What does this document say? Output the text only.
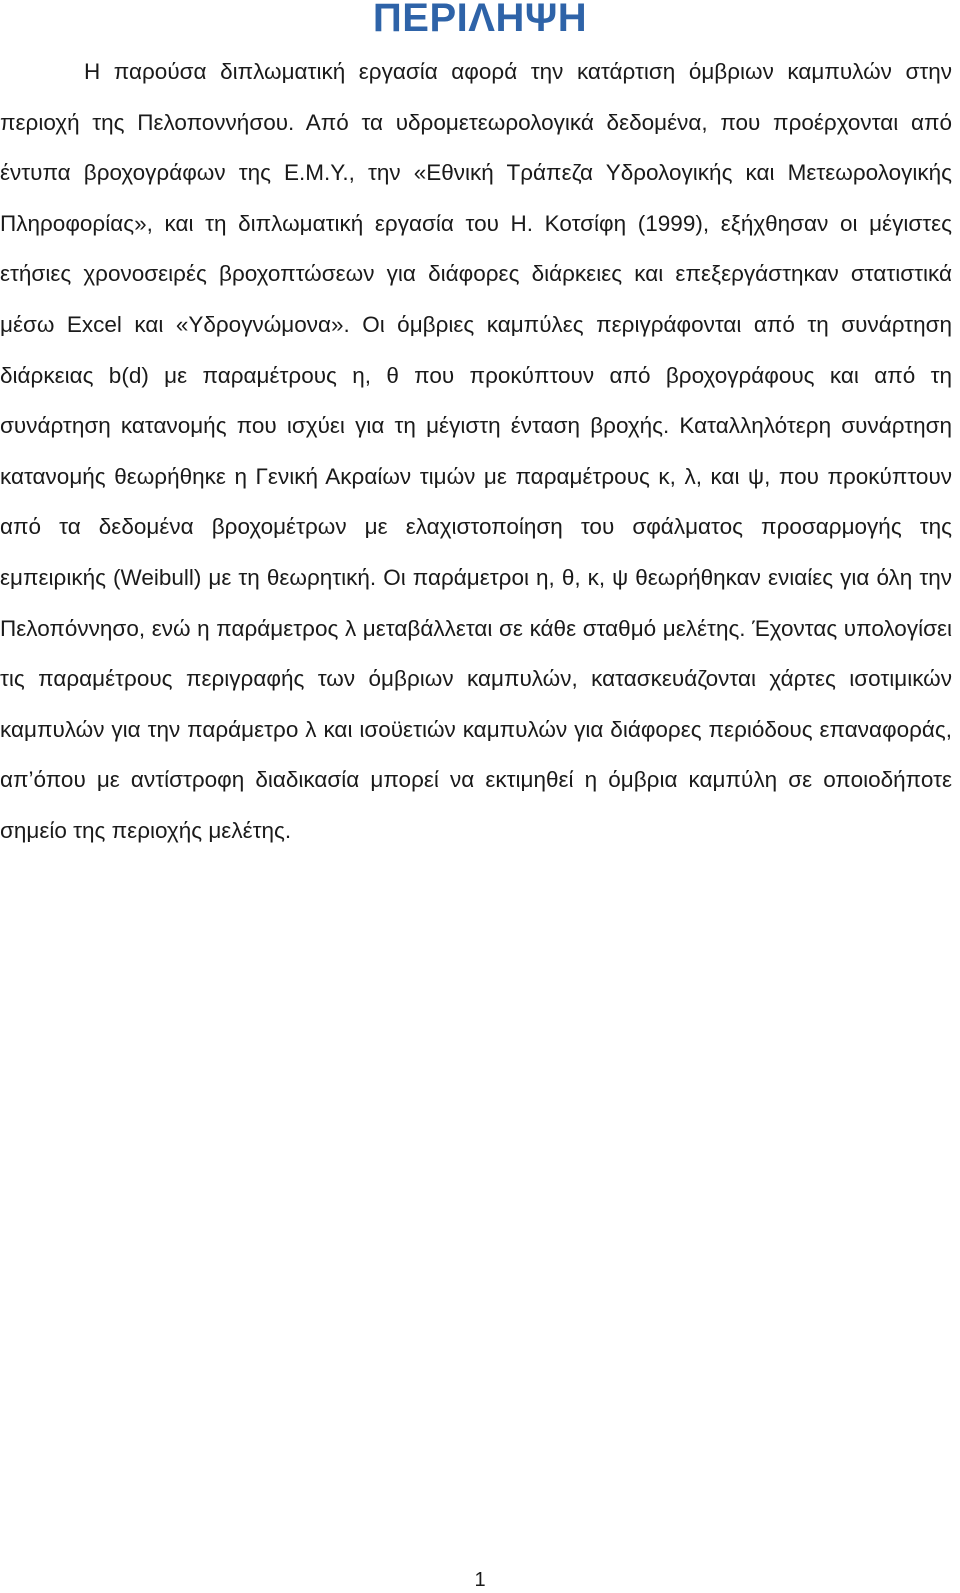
ΠΕΡΙΛΗΨΗ

Η παρούσα διπλωματική εργασία αφορά την κατάρτιση όμβριων καμπυλών στην περιοχή της Πελοποννήσου. Από τα υδρομετεωρολογικά δεδομένα, που προέρχονται από έντυπα βροχογράφων της Ε.Μ.Υ., την «Εθνική Τράπεζα Υδρολογικής και Μετεωρολογικής Πληροφορίας», και τη διπλωματική εργασία του Η. Κοτσίφη (1999), εξήχθησαν οι μέγιστες ετήσιες χρονοσειρές βροχοπτώσεων για διάφορες διάρκειες και επεξεργάστηκαν στατιστικά μέσω Excel και «Υδρογνώμονα». Οι όμβριες καμπύλες περιγράφονται από τη συνάρτηση διάρκειας b(d) με παραμέτρους η, θ που προκύπτουν από βροχογράφους και από τη συνάρτηση κατανομής που ισχύει για τη μέγιστη ένταση βροχής. Καταλληλότερη συνάρτηση κατανομής θεωρήθηκε η Γενική Ακραίων τιμών με παραμέτρους κ, λ, και ψ, που προκύπτουν από τα δεδομένα βροχομέτρων με ελαχιστοποίηση του σφάλματος προσαρμογής της εμπειρικής (Weibull) με τη θεωρητική. Οι παράμετροι η, θ, κ, ψ θεωρήθηκαν ενιαίες για όλη την Πελοπόννησο, ενώ η παράμετρος λ μεταβάλλεται σε κάθε σταθμό μελέτης. Έχοντας υπολογίσει τις παραμέτρους περιγραφής των όμβριων καμπυλών, κατασκευάζονται χάρτες ισοτιμικών καμπυλών για την παράμετρο λ και ισοϋετιών καμπυλών για διάφορες περιόδους επαναφοράς, απ’όπου με αντίστροφη διαδικασία μπορεί να εκτιμηθεί η όμβρια καμπύλη σε οποιοδήποτε σημείο της περιοχής μελέτης.

1
